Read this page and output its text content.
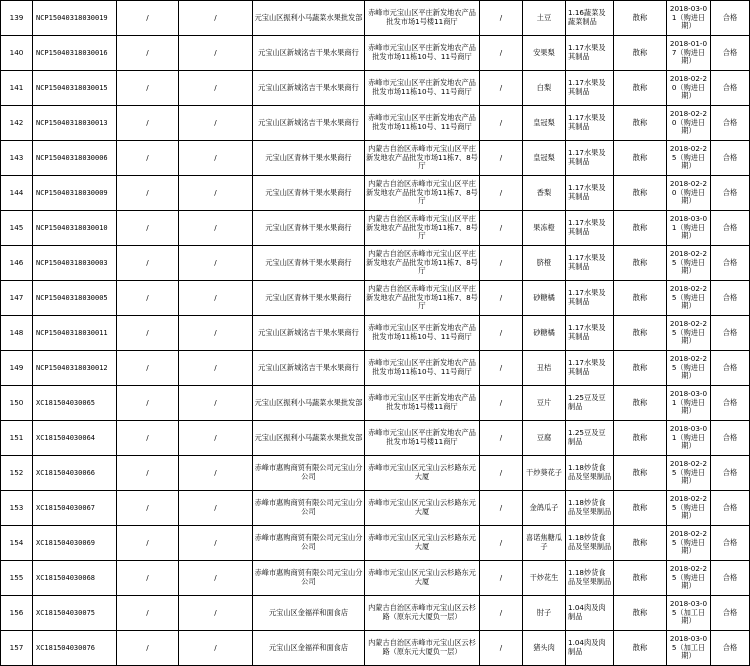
139	NCP15040318030019	/	/	元宝山区振利小马蔬菜水果批发部	赤峰市元宝山区平庄新发地农产品批发市场1号楼11商厅	/	土豆	1.16蔬菜及蔬菜制品	散称	2018-03-01（购进日期）	合格
140	NCP15040318030016	/	/	元宝山区新城洺吉干果水果商行	赤峰市元宝山区平庄新发地农产品批发市场11栋10号、11号商厅	/	安果梨	1.17水果及其制品	散称	2018-01-07（购进日期）	合格
141	NCP15040318030015	/	/	元宝山区新城洺吉干果水果商行	赤峰市元宝山区平庄新发地农产品批发市场11栋10号、11号商厅	/	白梨	1.17水果及其制品	散称	2018-02-20（购进日期）	合格
142	NCP15040318030013	/	/	元宝山区新城洺吉干果水果商行	赤峰市元宝山区平庄新发地农产品批发市场11栋10号、11号商厅	/	皇冠梨	1.17水果及其制品	散称	2018-02-20（购进日期）	合格
143	NCP15040318030006	/	/	元宝山区青林干果水果商行	内蒙古自治区赤峰市元宝山区平庄新发地农产品批发市场11栋7、8号厅	/	皇冠梨	1.17水果及其制品	散称	2018-02-25（购进日期）	合格
144	NCP15040318030009	/	/	元宝山区青林干果水果商行	内蒙古自治区赤峰市元宝山区平庄新发地农产品批发市场11栋7、8号厅	/	香梨	1.17水果及其制品	散称	2018-02-20（购进日期）	合格
145	NCP15040318030010	/	/	元宝山区青林干果水果商行	内蒙古自治区赤峰市元宝山区平庄新发地农产品批发市场11栋7、8号厅	/	果冻橙	1.17水果及其制品	散称	2018-03-01（购进日期）	合格
146	NCP15040318030003	/	/	元宝山区青林干果水果商行	内蒙古自治区赤峰市元宝山区平庄新发地农产品批发市场11栋7、8号厅	/	脐橙	1.17水果及其制品	散称	2018-02-25（购进日期）	合格
147	NCP15040318030005	/	/	元宝山区青林干果水果商行	内蒙古自治区赤峰市元宝山区平庄新发地农产品批发市场11栋7、8号厅	/	砂糖橘	1.17水果及其制品	散称	2018-02-25（购进日期）	合格
148	NCP15040318030011	/	/	元宝山区新城洺吉干果水果商行	赤峰市元宝山区平庄新发地农产品批发市场11栋10号、11号商厅	/	砂糖橘	1.17水果及其制品	散称	2018-02-25（购进日期）	合格
149	NCP15040318030012	/	/	元宝山区新城洺吉干果水果商行	赤峰市元宝山区平庄新发地农产品批发市场11栋10号、11号商厅	/	丑桔	1.17水果及其制品	散称	2018-02-25（购进日期）	合格
150	XC181504030065	/	/	元宝山区振利小马蔬菜水果批发部	赤峰市元宝山区平庄新发地农产品批发市场1号楼11商厅	/	豆片	1.25豆及豆制品	散称	2018-03-01（购进日期）	合格
151	XC181504030064	/	/	元宝山区振利小马蔬菜水果批发部	赤峰市元宝山区平庄新发地农产品批发市场1号楼11商厅	/	豆腐	1.25豆及豆制品	散称	2018-03-01（购进日期）	合格
152	XC181504030066	/	/	赤峰市惠购商贸有限公司元宝山分公司	赤峰市元宝山区元宝山云杉路东元大厦	/	干炒葵花子	1.18炒货食品及坚果制品	散称	2018-02-25（购进日期）	合格
153	XC181504030067	/	/	赤峰市惠购商贸有限公司元宝山分公司	赤峰市元宝山区元宝山云杉路东元大厦	/	金鸽瓜子	1.18炒货食品及坚果制品	散称	2018-02-25（购进日期）	合格
154	XC181504030069	/	/	赤峰市惠购商贸有限公司元宝山分公司	赤峰市元宝山区元宝山云杉路东元大厦	/	喜诺焦糖瓜子	1.18炒货食品及坚果制品	散称	2018-02-25（购进日期）	合格
155	XC181504030068	/	/	赤峰市惠购商贸有限公司元宝山分公司	赤峰市元宝山区元宝山云杉路东元大厦	/	干炒花生	1.18炒货食品及坚果制品	散称	2018-02-25（购进日期）	合格
156	XC181504030075	/	/	元宝山区金福祥和面食店	内蒙古自治区赤峰市元宝山区云杉路（原东元大厦负一层）	/	肘子	1.04肉及肉制品	散称	2018-03-05（加工日期）	合格
157	XC181504030076	/	/	元宝山区金福祥和面食店	内蒙古自治区赤峰市元宝山区云杉路（原东元大厦负一层）	/	猪头肉	1.04肉及肉制品	散称	2018-03-05（加工日期）	合格
